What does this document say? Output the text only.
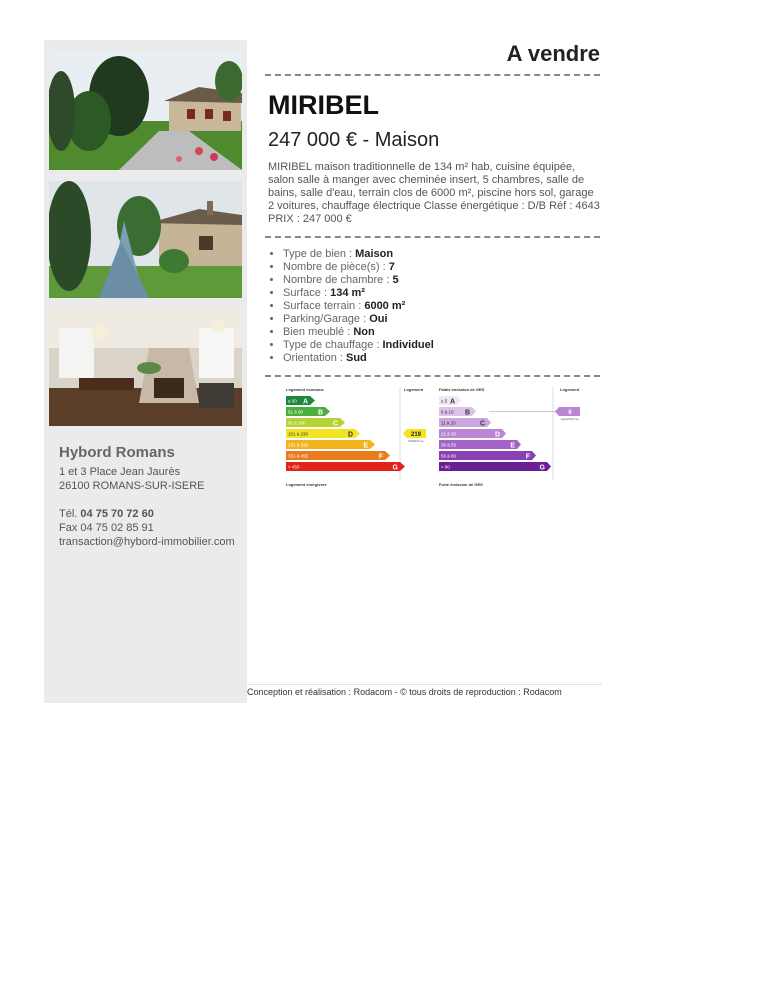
Hybord Romans
1 et 3 Place Jean Jaurès
26100 ROMANS-SUR-ISERE
Tél. 04 75 70 72 60
Fax 04 75 02 85 91
transaction@hybord-immobilier.com
A vendre
MIRIBEL
247 000 € - Maison
MIRIBEL maison traditionnelle de 134 m² hab, cuisine équipée, salon salle à manger avec cheminée insert, 5 chambres, salle de bains, salle d'eau, terrain clos de 6000 m², piscine hors sol, garage 2 voitures, chauffage électrique Classe énergétique : D/B Réf : 4643 PRIX : 247 000 €
• Type de bien : Maison
• Nombre de pièce(s) : 7
• Nombre de chambre : 5
• Surface : 134 m²
• Surface terrain : 6000 m²
• Parking/Garage : Oui
• Bien meublé : Non
• Type de chauffage : Individuel
• Orientation : Sud
Logement économe	Logement
≤ 50 A
51 à 90 B
91 à 150	C
151 à 230	D
231 à 330	E
331 à 450	F
> 450	G
219
kWhEP/m².an
Logement énergivore
Faible émission de GES	Logement
≤ 5 A
6 à 10 B
11 à 20	C
21 à 35	D
36 à 55	E
56 à 80	F
> 80	G
6
kgéqCO2/m².an
Forte émission de GES
Conception et réalisation : Rodacom - © tous droits de reproduction : Rodacom
